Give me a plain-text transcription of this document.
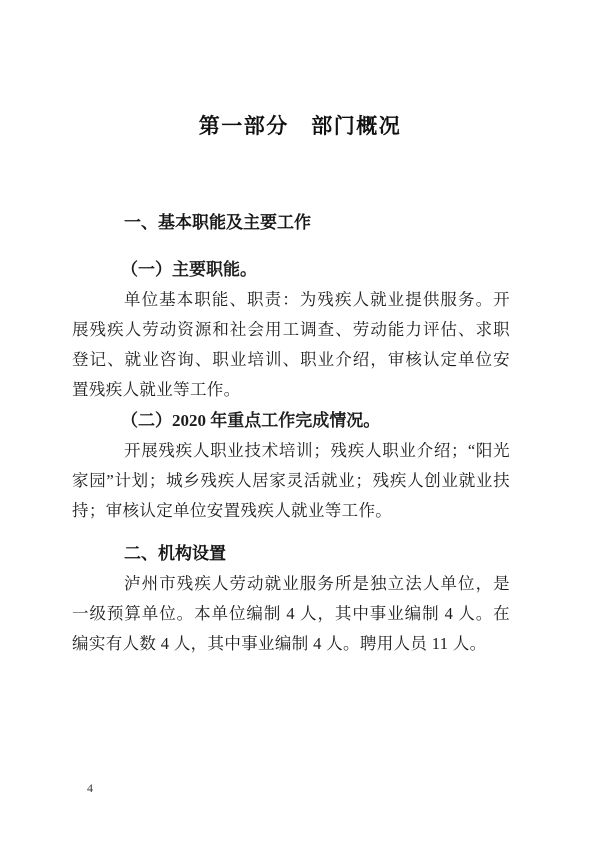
第一部分　部门概况
一、基本职能及主要工作
（一）主要职能。

单位基本职能、职责：为残疾人就业提供服务。开展残疾人劳动资源和社会用工调查、劳动能力评估、求职登记、就业咨询、职业培训、职业介绍，审核认定单位安置残疾人就业等工作。

（二）2020 年重点工作完成情况。

开展残疾人职业技术培训；残疾人职业介绍；“阳光家园”计划；城乡残疾人居家灵活就业；残疾人创业就业扶持；审核认定单位安置残疾人就业等工作。

二、机构设置

泸州市残疾人劳动就业服务所是独立法人单位，是一级预算单位。本单位编制 4 人，其中事业编制 4 人。在编实有人数 4 人，其中事业编制 4 人。聘用人员 11 人。

4
